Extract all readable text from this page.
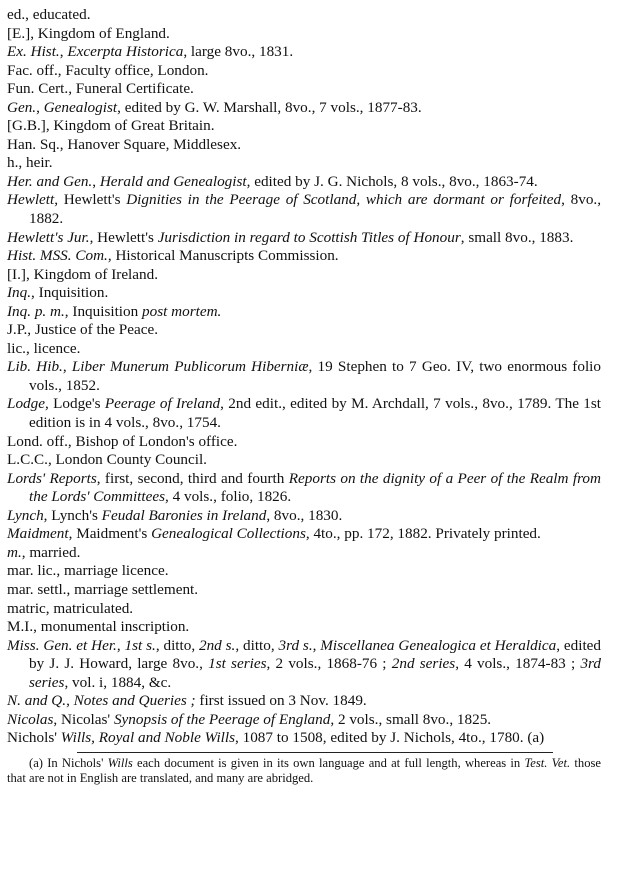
ed., educated.

[E.], Kingdom of England.

Ex. Hist., Excerpta Historica, large 8vo., 1831.

Fac. off., Faculty office, London.

Fun. Cert., Funeral Certificate.

Gen., Genealogist, edited by G. W. Marshall, 8vo., 7 vols., 1877-83.

[G.B.], Kingdom of Great Britain.

Han. Sq., Hanover Square, Middlesex.

h., heir.

Her. and Gen., Herald and Genealogist, edited by J. G. Nichols, 8 vols., 8vo., 1863-74.

Hewlett, Hewlett's Dignities in the Peerage of Scotland, which are dormant or forfeited, 8vo., 1882.

Hewlett's Jur., Hewlett's Jurisdiction in regard to Scottish Titles of Honour, small 8vo., 1883.

Hist. MSS. Com., Historical Manuscripts Commission.

[I.], Kingdom of Ireland.

Inq., Inquisition.

Inq. p. m., Inquisition post mortem.

J.P., Justice of the Peace.

lic., licence.

Lib. Hib., Liber Munerum Publicorum Hiberniæ, 19 Stephen to 7 Geo. IV, two enormous folio vols., 1852.

Lodge, Lodge's Peerage of Ireland, 2nd edit., edited by M. Archdall, 7 vols., 8vo., 1789. The 1st edition is in 4 vols., 8vo., 1754.

Lond. off., Bishop of London's office.

L.C.C., London County Council.

Lords' Reports, first, second, third and fourth Reports on the dignity of a Peer of the Realm from the Lords' Committees, 4 vols., folio, 1826.

Lynch, Lynch's Feudal Baronies in Ireland, 8vo., 1830.

Maidment, Maidment's Genealogical Collections, 4to., pp. 172, 1882. Privately printed.

m., married.

mar. lic., marriage licence.

mar. settl., marriage settlement.

matric, matriculated.

M.I., monumental inscription.

Miss. Gen. et Her., 1st s., ditto, 2nd s., ditto, 3rd s., Miscellanea Genealogica et Heraldica, edited by J. J. Howard, large 8vo., 1st series, 2 vols., 1868-76 ; 2nd series, 4 vols., 1874-83 ; 3rd series, vol. i, 1884, &c.

N. and Q., Notes and Queries ; first issued on 3 Nov. 1849.

Nicolas, Nicolas' Synopsis of the Peerage of England, 2 vols., small 8vo., 1825.

Nichols' Wills, Royal and Noble Wills, 1087 to 1508, edited by J. Nichols, 4to., 1780. (a)

(a) In Nichols' Wills each document is given in its own language and at full length, whereas in Test. Vet. those that are not in English are translated, and many are abridged.
